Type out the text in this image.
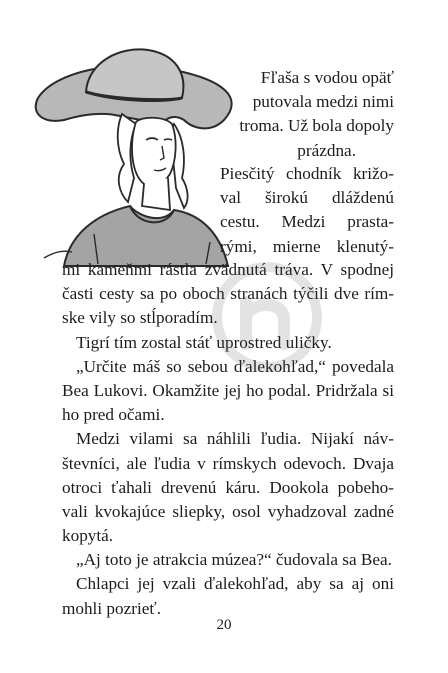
Fľaša s vodou opäť
putovala medzi nimi
troma. Už bola dopoly
prázdna.
Piesčitý chodník križo-
val širokú dláždenú
cestu. Medzi prasta-
rými, mierne klenutý-
mi kameňmi rástla zvädnutá tráva. V spodnej
časti cesty sa po oboch stranách týčili dve rím-
ske vily so stĺporadím.
Tigrí tím zostal stáť uprostred uličky.
„Určite máš so sebou ďalekohľad,“ povedala
Bea Lukovi. Okamžite jej ho podal. Pridržala si
ho pred očami.
Medzi vilami sa náhlili ľudia. Nijakí náv-
števníci, ale ľudia v rímskych odevoch. Dvaja
otroci ťahali drevenú káru. Dookola pobeho-
vali kvokajúce sliepky, osol vyhadzoval zadné
kopytá.
„Aj toto je atrakcia múzea?“ čudovala sa Bea.
Chlapci jej vzali ďalekohľad, aby sa aj oni
mohli pozrieť.
20
